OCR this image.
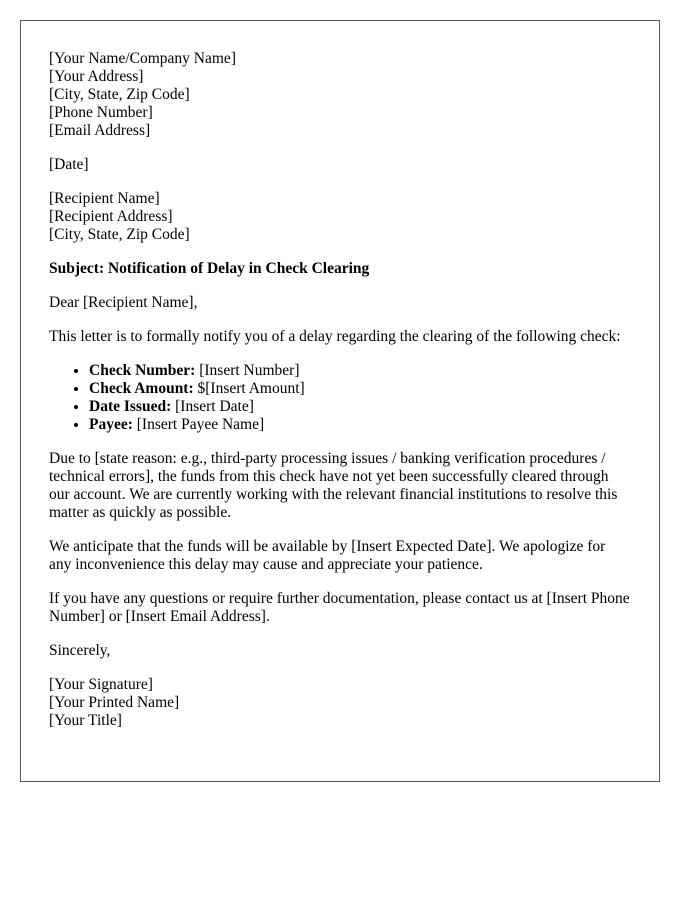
[Your Name/Company Name]
[Your Address]
[City, State, Zip Code]
[Phone Number]
[Email Address]
[Date]
[Recipient Name]
[Recipient Address]
[City, State, Zip Code]
Subject: Notification of Delay in Check Clearing

Dear [Recipient Name],

This letter is to formally notify you of a delay regarding the clearing of the following check:

• Check Number: [Insert Number]
• Check Amount: $[Insert Amount]
• Date Issued: [Insert Date]
• Payee: [Insert Payee Name]

Due to [state reason: e.g., third-party processing issues / banking verification procedures / technical errors], the funds from this check have not yet been successfully cleared through our account. We are currently working with the relevant financial institutions to resolve this matter as quickly as possible.

We anticipate that the funds will be available by [Insert Expected Date]. We apologize for any inconvenience this delay may cause and appreciate your patience.

If you have any questions or require further documentation, please contact us at [Insert Phone Number] or [Insert Email Address].

Sincerely,

[Your Signature]
[Your Printed Name]
[Your Title]
